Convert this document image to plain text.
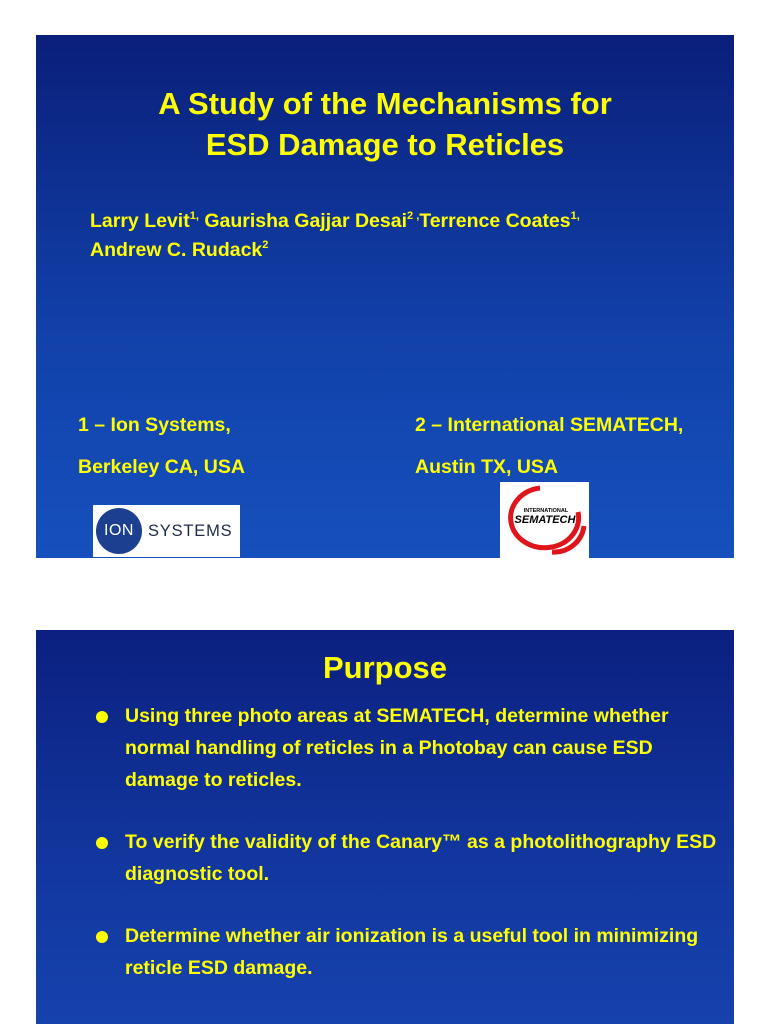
A Study of the Mechanisms for
ESD Damage to Reticles
Larry Levit$^{1,}$ Gaurisha Gajjar Desai$^{2 ,}$Terrence Coates$^{1,}$
Andrew C. Rudack$^2$
1 – Ion Systems,
Berkeley CA, USA
2 – International SEMATECH,
Austin TX, USA
ION SYSTEMS
INTERNATIONAL
SEMATECH
Purpose
Using three photo areas at SEMATECH, determine whether normal handling of reticles in a Photobay can cause ESD damage to reticles.
To verify the validity of the Canary™ as a photolithography ESD diagnostic tool.
Determine whether air ionization is a useful tool in minimizing reticle ESD damage.
